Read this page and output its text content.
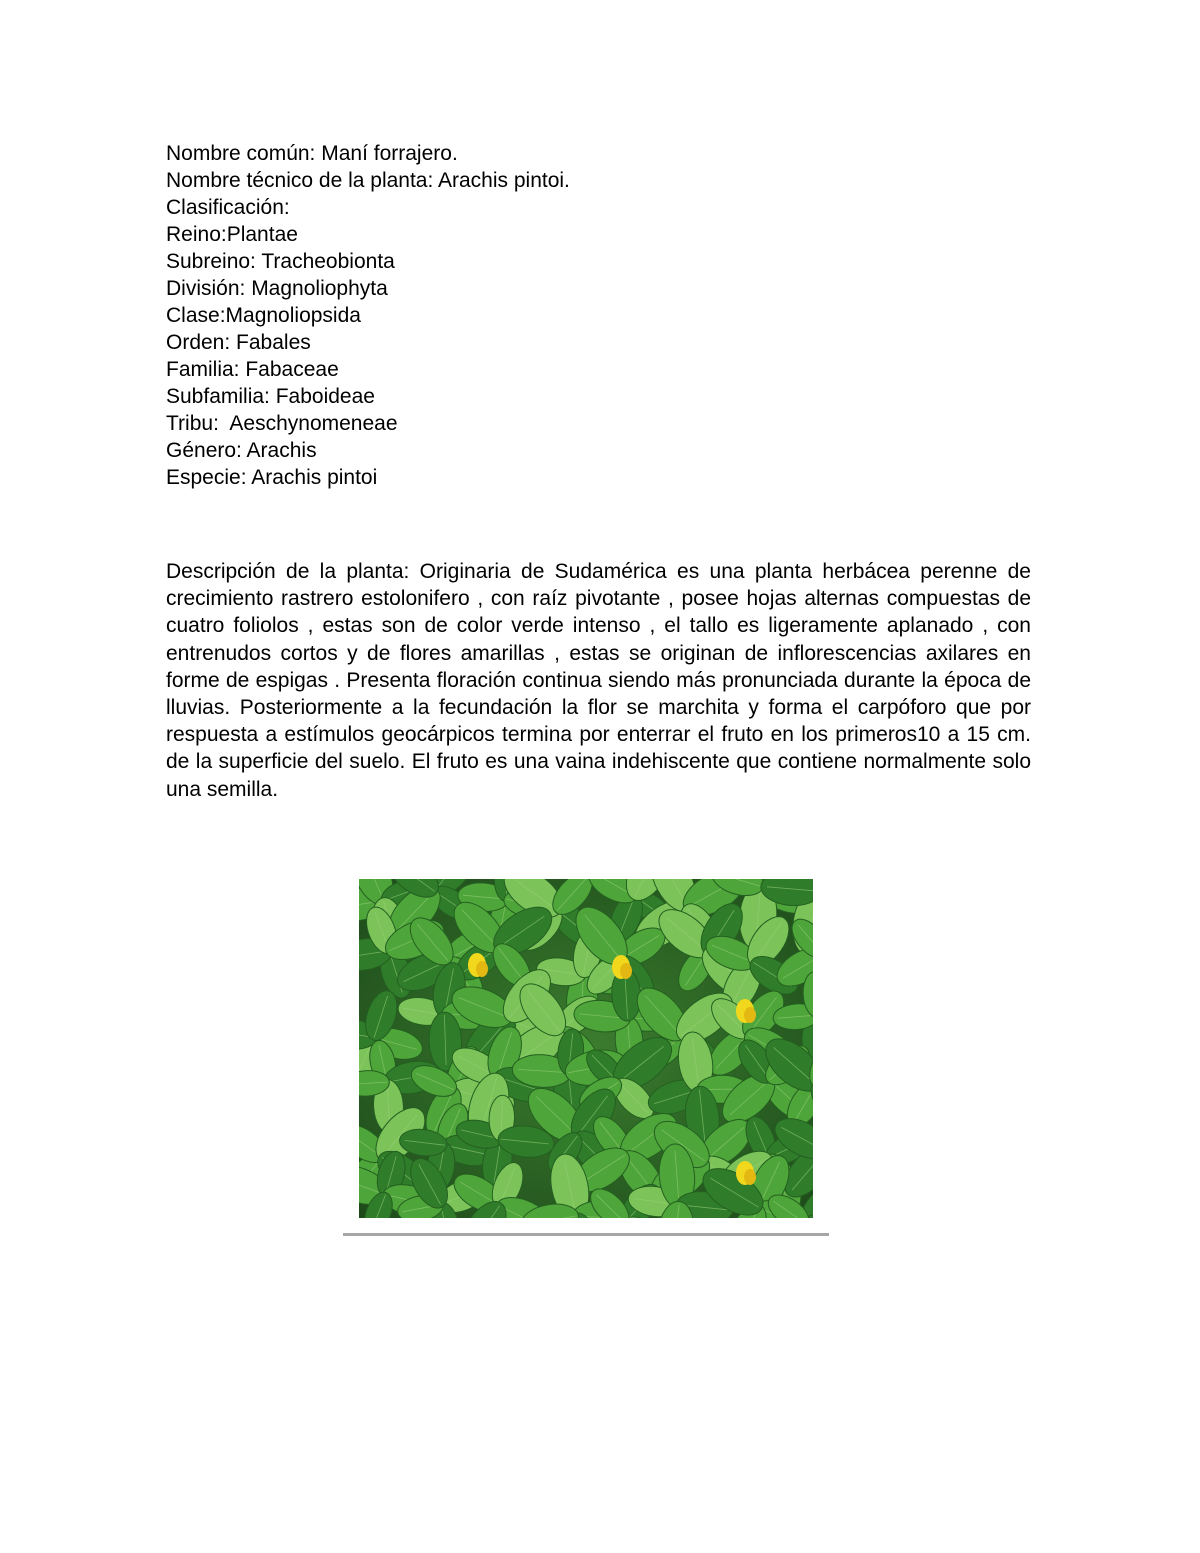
Nombre común: Maní forrajero.
Nombre técnico de la planta: Arachis pintoi.
Clasificación:
Reino:Plantae
Subreino: Tracheobionta
División: Magnoliophyta
Clase:Magnoliopsida
Orden: Fabales
Familia: Fabaceae
Subfamilia: Faboideae
Tribu:  Aeschynomeneae
Género: Arachis
Especie: Arachis pintoi

Descripción de la planta: Originaria de Sudamérica es una planta herbácea perenne de crecimiento rastrero estolonifero , con raíz pivotante , posee hojas alternas compuestas de cuatro foliolos , estas son de color verde intenso , el tallo es ligeramente aplanado , con entrenudos cortos y de flores amarillas , estas se originan de inflorescencias axilares en forme de espigas . Presenta floración continua siendo más pronunciada durante la época de lluvias. Posteriormente a la fecundación la flor se marchita y forma el carpóforo que por respuesta a estímulos geocárpicos termina por enterrar el fruto en los primeros10 a 15 cm. de la superficie del suelo. El fruto es una vaina indehiscente que contiene normalmente solo una semilla.
